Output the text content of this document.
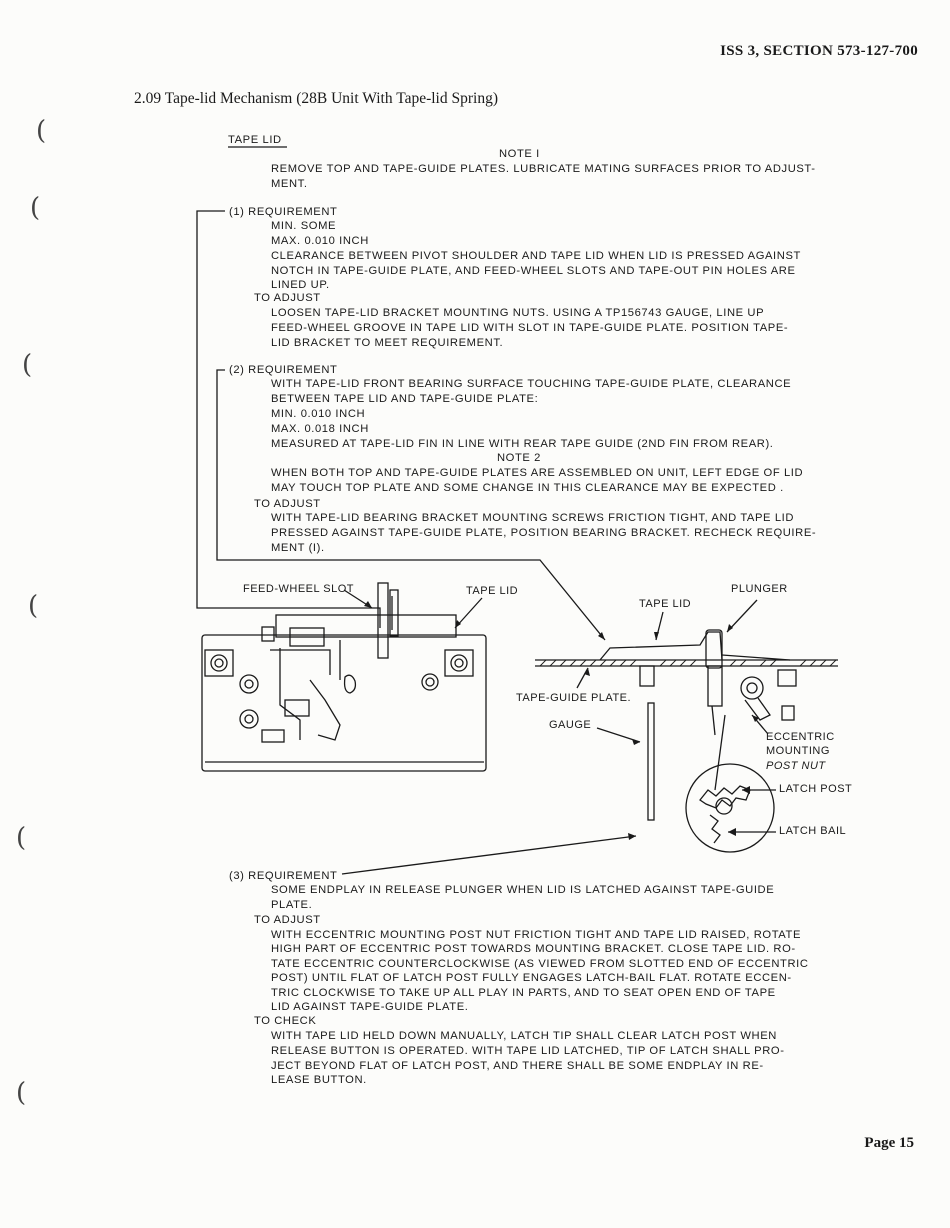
ISS 3, SECTION 573-127-700
2.09 Tape-lid Mechanism (28B Unit With Tape-lid Spring)
Page 15
(
(
(
(
(
(
TAPE LID
NOTE I
REMOVE TOP AND TAPE-GUIDE PLATES. LUBRICATE MATING SURFACES PRIOR TO ADJUST-
MENT.
(1) REQUIREMENT
MIN. SOME
MAX. 0.010 INCH
CLEARANCE BETWEEN PIVOT SHOULDER AND TAPE LID WHEN LID IS PRESSED AGAINST
NOTCH IN TAPE-GUIDE PLATE, AND FEED-WHEEL SLOTS AND TAPE-OUT PIN HOLES ARE
LINED UP.
TO ADJUST
LOOSEN TAPE-LID BRACKET MOUNTING NUTS. USING A TP156743 GAUGE, LINE UP
FEED-WHEEL GROOVE IN TAPE LID WITH SLOT IN TAPE-GUIDE PLATE. POSITION TAPE-
LID BRACKET TO MEET REQUIREMENT.
(2) REQUIREMENT
WITH TAPE-LID FRONT BEARING SURFACE TOUCHING TAPE-GUIDE PLATE, CLEARANCE
BETWEEN TAPE LID AND TAPE-GUIDE PLATE:
MIN. 0.010 INCH
MAX. 0.018 INCH
MEASURED AT TAPE-LID FIN IN LINE WITH REAR TAPE GUIDE (2ND FIN FROM REAR).
NOTE 2
WHEN BOTH TOP AND TAPE-GUIDE PLATES ARE ASSEMBLED ON UNIT, LEFT EDGE OF LID
MAY TOUCH TOP PLATE AND SOME CHANGE IN THIS CLEARANCE MAY BE EXPECTED .
TO ADJUST
WITH TAPE-LID BEARING BRACKET MOUNTING SCREWS FRICTION TIGHT, AND TAPE LID
PRESSED AGAINST TAPE-GUIDE PLATE, POSITION BEARING BRACKET. RECHECK REQUIRE-
MENT (I).
FEED-WHEEL SLOT	TAPE LID
TAPE LID
PLUNGER
TAPE-GUIDE PLATE.
GAUGE
ECCENTRIC
MOUNTING
POST NUT
LATCH POST
LATCH BAIL
(3) REQUIREMENT
SOME ENDPLAY IN RELEASE PLUNGER WHEN LID IS LATCHED AGAINST TAPE-GUIDE
PLATE.
TO ADJUST
WITH ECCENTRIC MOUNTING POST NUT FRICTION TIGHT AND TAPE LID RAISED, ROTATE
HIGH PART OF ECCENTRIC POST TOWARDS MOUNTING BRACKET. CLOSE TAPE LID. RO-
TATE ECCENTRIC COUNTERCLOCKWISE (AS VIEWED FROM SLOTTED END OF ECCENTRIC
POST) UNTIL FLAT OF LATCH POST FULLY ENGAGES LATCH-BAIL FLAT. ROTATE ECCEN-
TRIC CLOCKWISE TO TAKE UP ALL PLAY IN PARTS, AND TO SEAT OPEN END OF TAPE
LID AGAINST TAPE-GUIDE PLATE.
TO CHECK
WITH TAPE LID HELD DOWN MANUALLY, LATCH TIP SHALL CLEAR LATCH POST WHEN
RELEASE BUTTON IS OPERATED. WITH TAPE LID LATCHED, TIP OF LATCH SHALL PRO-
JECT BEYOND FLAT OF LATCH POST, AND THERE SHALL BE SOME ENDPLAY IN RE-
LEASE BUTTON.
